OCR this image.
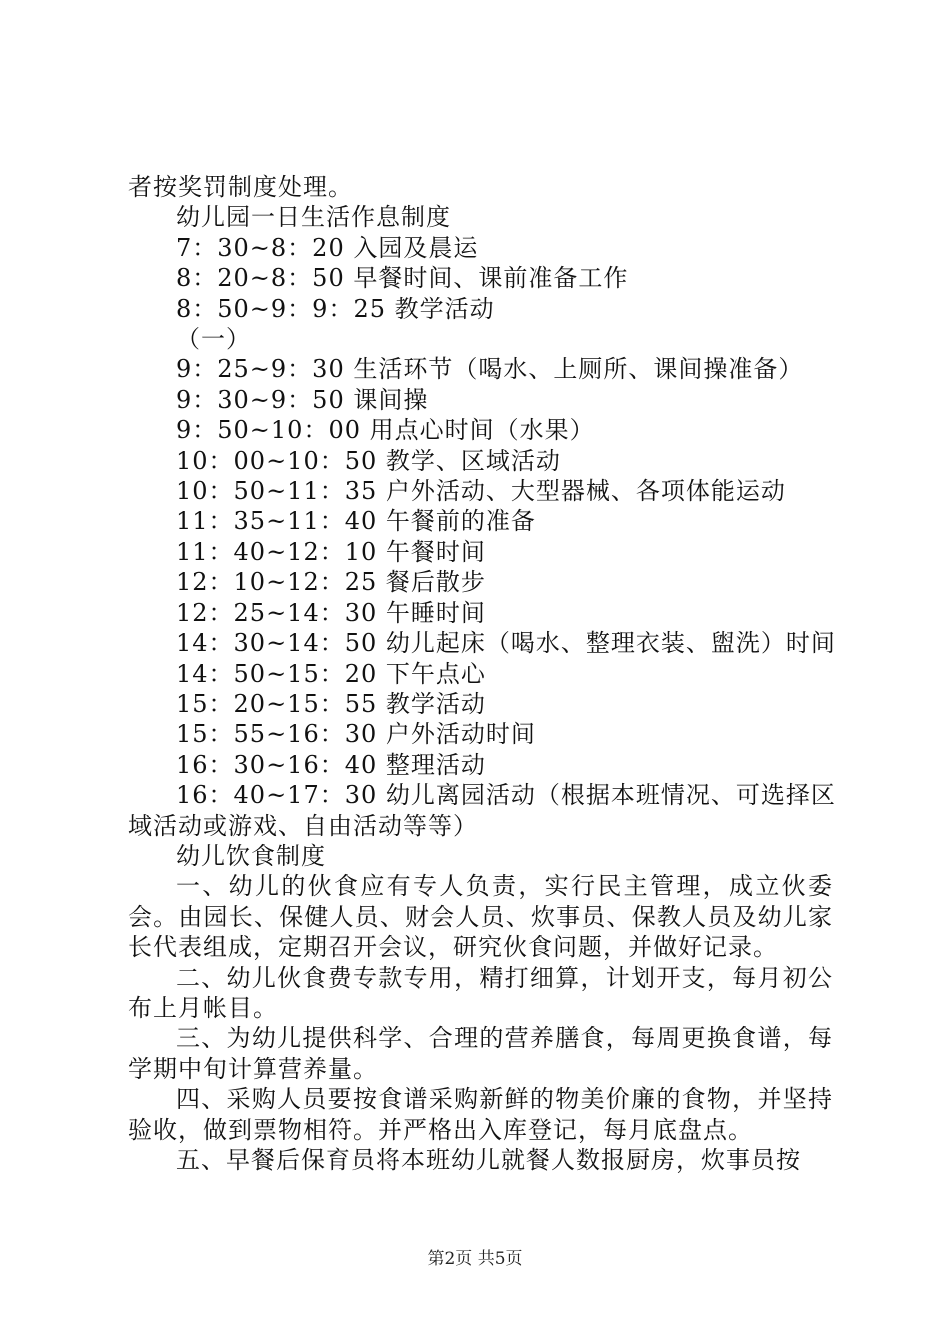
者按奖罚制度处理。
幼儿园一日生活作息制度
7：30~8：20 入园及晨运
8：20~8：50 早餐时间、课前准备工作
8：50~9：9：25 教学活动
（一）
9：25~9：30 生活环节（喝水、上厕所、课间操准备）
9：30~9：50 课间操
9：50~10：00 用点心时间（水果）
10：00~10：50 教学、区域活动
10：50~11：35 户外活动、大型器械、各项体能运动
11：35~11：40 午餐前的准备
11：40~12：10 午餐时间
12：10~12：25 餐后散步
12：25~14：30 午睡时间
14：30~14：50 幼儿起床（喝水、整理衣装、盥洗）时间
14：50~15：20 下午点心
15：20~15：55 教学活动
15：55~16：30 户外活动时间
16：30~16：40 整理活动
16：40~17：30 幼儿离园活动（根据本班情况、可选择区
域活动或游戏、自由活动等等）
幼儿饮食制度
一、幼儿的伙食应有专人负责，实行民主管理，成立伙委会。由园长、保健人员、财会人员、炊事员、保教人员及幼儿家长代表组成，定期召开会议，研究伙食问题，并做好记录。
二、幼儿伙食费专款专用，精打细算，计划开支，每月初公布上月帐目。
三、为幼儿提供科学、合理的营养膳食，每周更换食谱，每学期中旬计算营养量。
四、采购人员要按食谱采购新鲜的物美价廉的食物，并坚持验收，做到票物相符。并严格出入库登记，每月底盘点。
五、早餐后保育员将本班幼儿就餐人数报厨房，炊事员按
第2页 共5页
